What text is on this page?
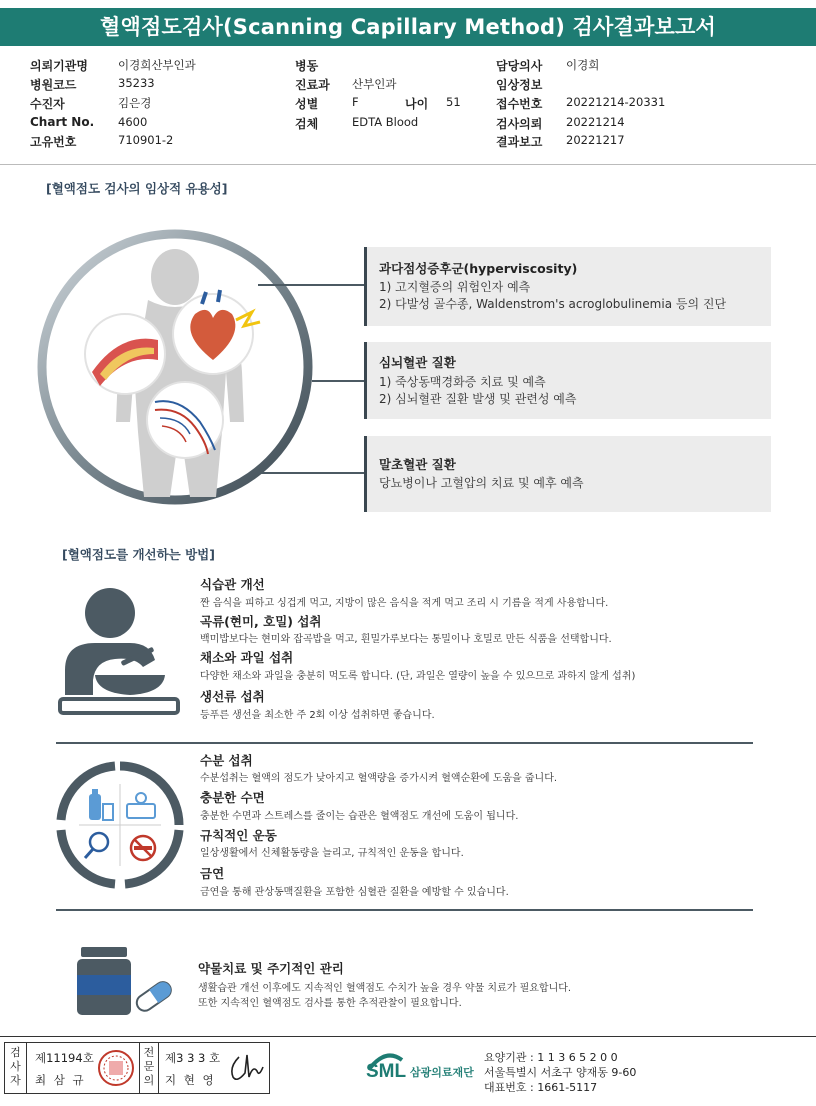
혈액점도검사(Scanning Capillary Method) 검사결과보고서
의뢰기관명	이경희산부인과
병원코드	35233
수진자	김은경
Chart No. 4600
고유번호	710901-2
병동
진료과 산부인과
성별	F	나이 51
검체	EDTA Blood
담당의사 이경희
임상정보
접수번호 20221214-20331
검사의뢰 20221214
결과보고 20221217
[혈액점도 검사의 임상적 유용성]
과다점성증후군(hyperviscosity)
1) 고지혈증의 위험인자 예측
2) 다발성 골수종, Waldenstrom's acroglobulinemia 등의 진단
심뇌혈관 질환
1) 죽상동맥경화증 치료 및 예측
2) 심뇌혈관 질환 발생 및 관련성 예측
말초혈관 질환
당뇨병이나 고혈압의 치료 및 예후 예측
[혈액점도를 개선하는 방법]
식습관 개선
짠 음식을 피하고 싱겁게 먹고, 지방이 많은 음식을 적게 먹고 조리 시 기름을 적게 사용합니다.
곡류(현미, 호밀) 섭취
백미밥보다는 현미와 잡곡밥을 먹고, 흰밀가루보다는 통밀이나 호밀로 만든 식품을 선택합니다.
채소와 과일 섭취
다양한 채소와 과일을 충분히 먹도록 합니다. (단, 과일은 열량이 높을 수 있으므로 과하지 않게 섭취)
생선류 섭취
등푸른 생선을 최소한 주 2회 이상 섭취하면 좋습니다.
수분 섭취
수분섭취는 혈액의 점도가 낮아지고 혈액량을 증가시켜 혈액순환에 도움을 줍니다.
충분한 수면
충분한 수면과 스트레스를 줄이는 습관은 혈액점도 개선에 도움이 됩니다.
규칙적인 운동
일상생활에서 신체활동량을 늘리고, 규칙적인 운동을 합니다.
금연
금연을 통해 관상동맥질환을 포함한 심혈관 질환을 예방할 수 있습니다.
약물치료 및 주기적인 관리
생활습관 개선 이후에도 지속적인 혈액점도 수치가 높을 경우 약물 치료가 필요합니다.
또한 지속적인 혈액점도 검사를 통한 추적관찰이 필요합니다.
검사자
제11194호
최 삼 규
전문의
제3 3 3 호
지 현 영	SML 삼광의료재단
요양기관 : 1 1 3 6 5 2 0 0
서울특별시 서초구 양재동 9-60
대표번호 : 1661-5117
